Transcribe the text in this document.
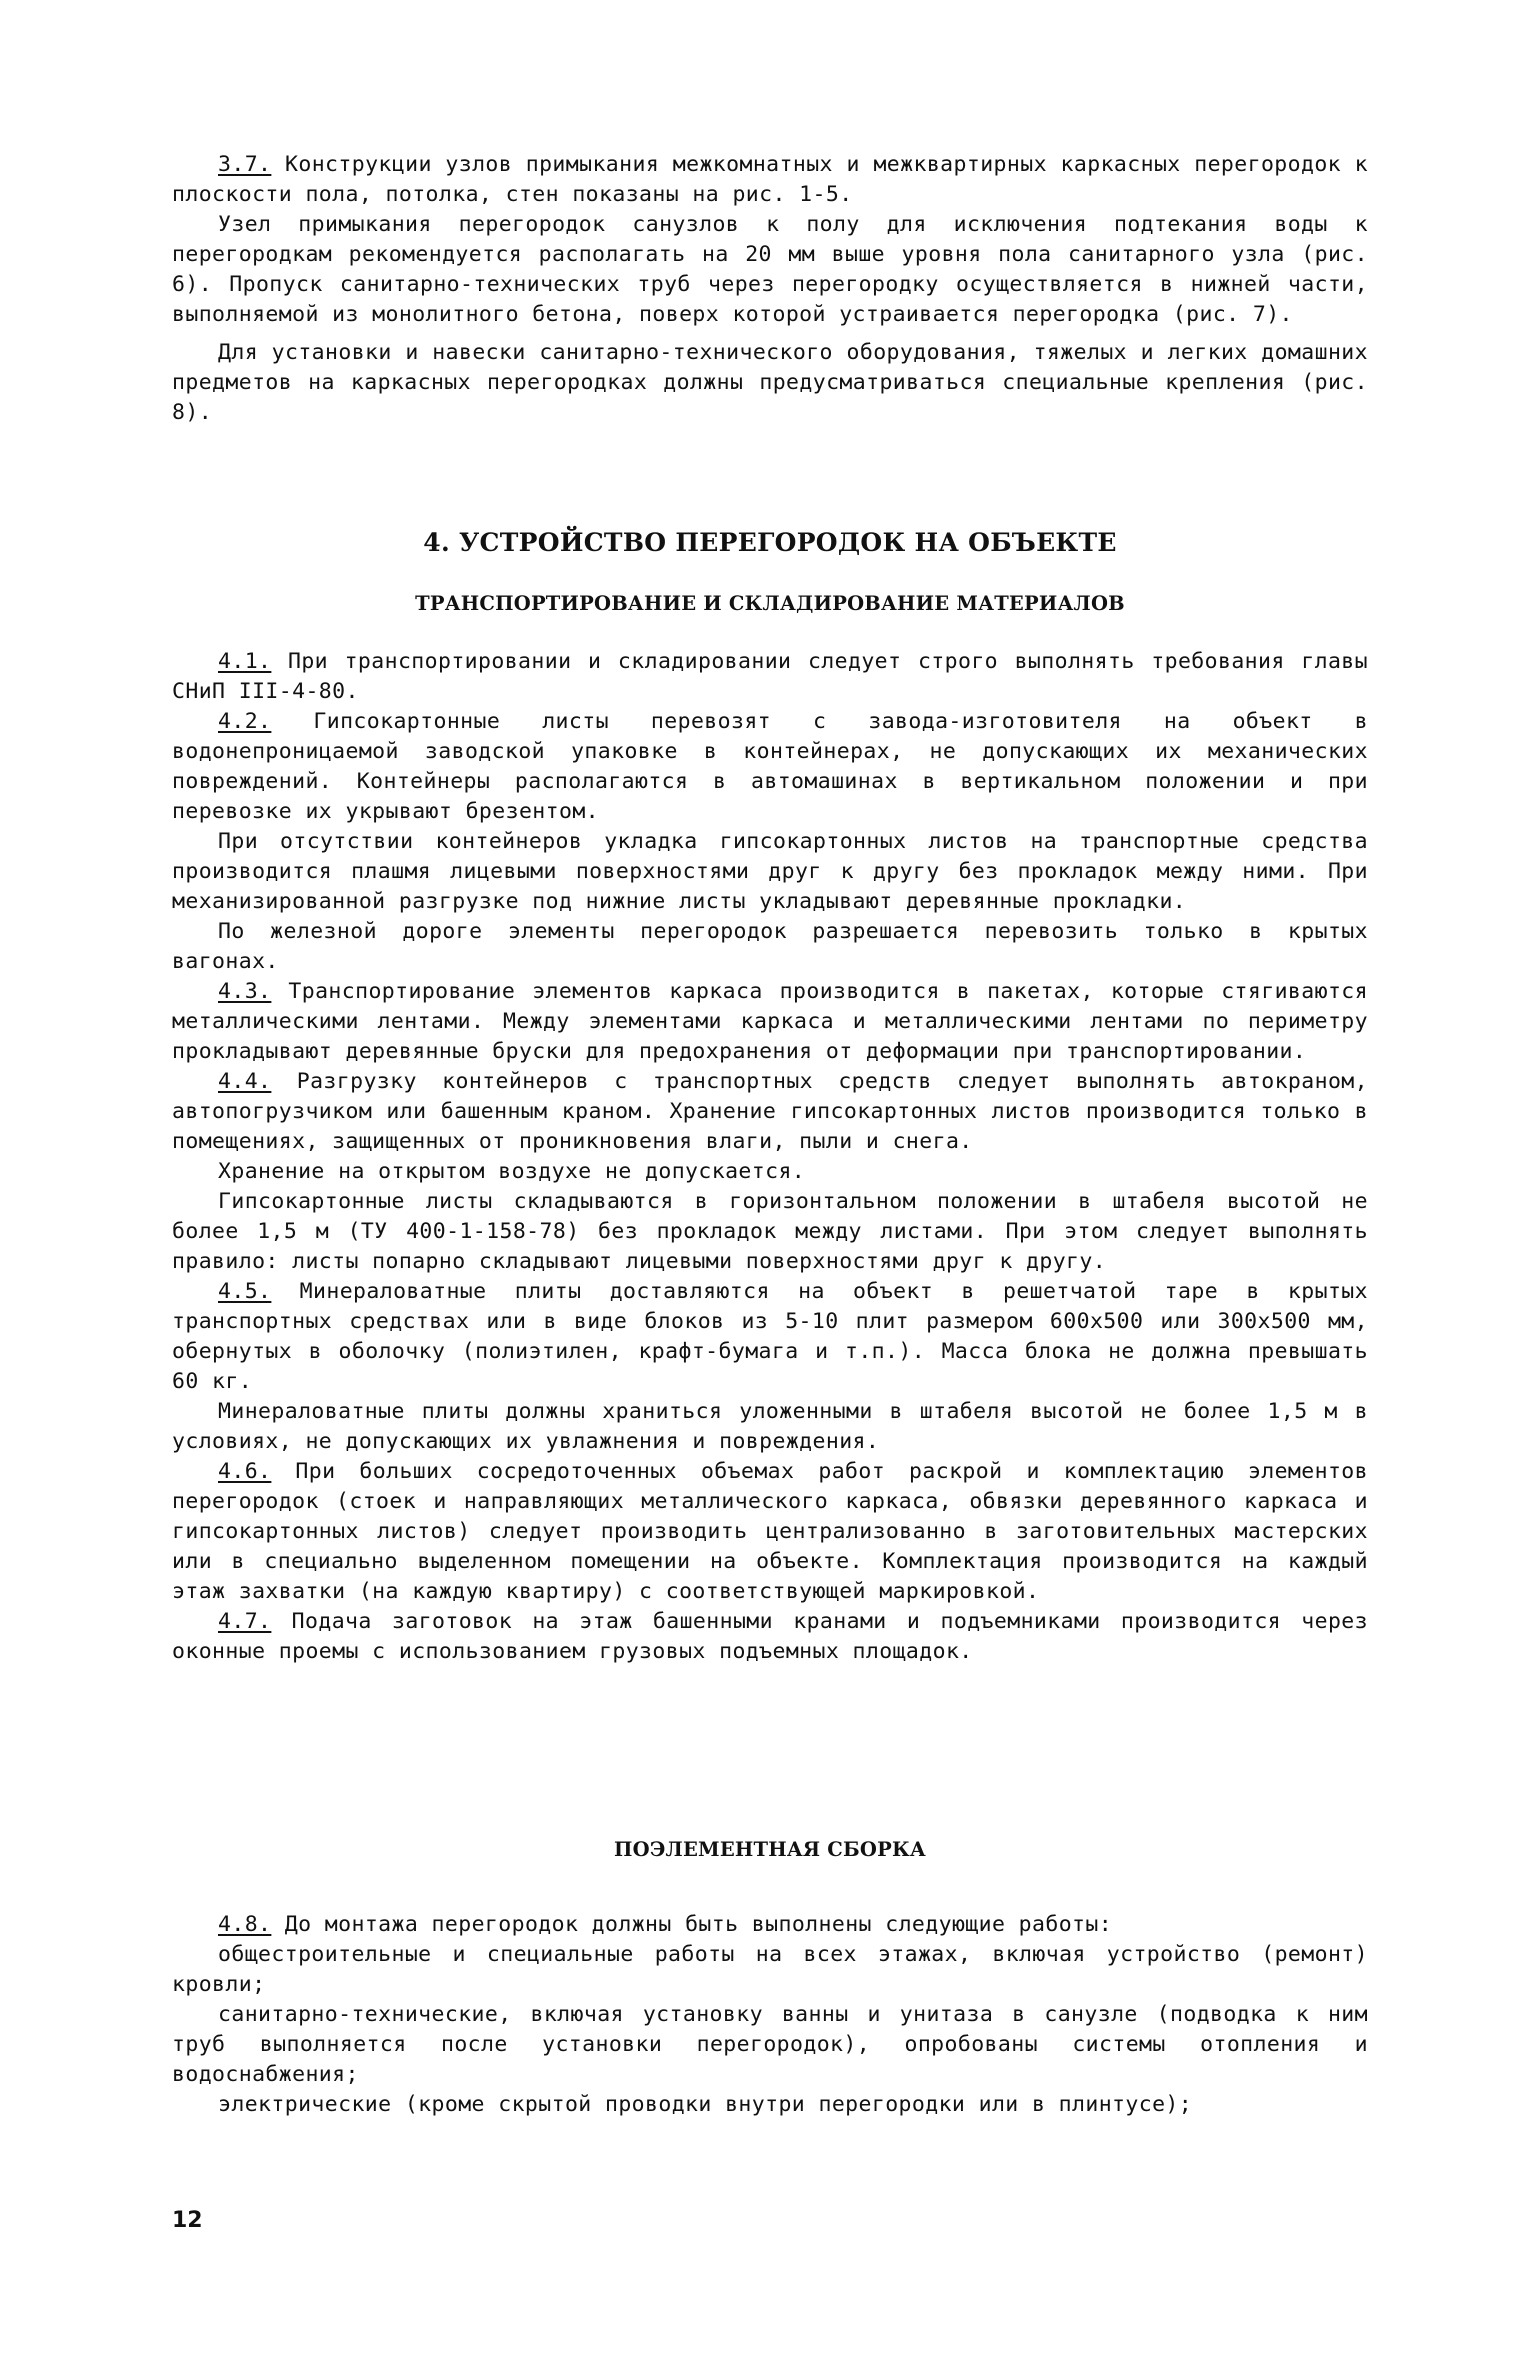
3.7. Конструкции узлов примыкания межкомнатных и межквартирных каркасных перегородок к плоскости пола, потолка, стен показаны на рис. 1-5.

Узел примыкания перегородок санузлов к полу для исключения подтекания воды к перегородкам рекомендуется располагать на 20 мм выше уровня пола санитарного узла (рис. 6). Пропуск санитарно-технических труб через перегородку осуществляется в нижней части, выполняемой из монолитного бетона, поверх которой устраивается перегородка (рис. 7).

Для установки и навески санитарно-технического оборудования, тяжелых и легких домашних предметов на каркасных перегородках должны предусматриваться специальные крепления (рис. 8).

4. УСТРОЙСТВО ПЕРЕГОРОДОК НА ОБЪЕКТЕ

ТРАНСПОРТИРОВАНИЕ И СКЛАДИРОВАНИЕ МАТЕРИАЛОВ

4.1. При транспортировании и складировании следует строго выполнять требования главы СНиП III-4-80.

4.2. Гипсокартонные листы перевозят с завода-изготовителя на объект в водонепроницаемой заводской упаковке в контейнерах, не допускающих их механических повреждений. Контейнеры располагаются в автомашинах в вертикальном положении и при перевозке их укрывают брезентом.

При отсутствии контейнеров укладка гипсокартонных листов на транспортные средства производится плашмя лицевыми поверхностями друг к другу без прокладок между ними. При механизированной разгрузке под нижние листы укладывают деревянные прокладки.

По железной дороге элементы перегородок разрешается перевозить только в крытых вагонах.

4.3. Транспортирование элементов каркаса производится в пакетах, которые стягиваются металлическими лентами. Между элементами каркаса и металлическими лентами по периметру прокладывают деревянные бруски для предохранения от деформации при транспортировании.

4.4. Разгрузку контейнеров с транспортных средств следует выполнять автокраном, автопогрузчиком или башенным краном. Хранение гипсокартонных листов производится только в помещениях, защищенных от проникновения влаги, пыли и снега.

Хранение на открытом воздухе не допускается.

Гипсокартонные листы складываются в горизонтальном положении в штабеля высотой не более 1,5 м (ТУ 400-1-158-78) без прокладок между листами. При этом следует выполнять правило: листы попарно складывают лицевыми поверхностями друг к другу.

4.5. Минераловатные плиты доставляются на объект в решетчатой таре в крытых транспортных средствах или в виде блоков из 5-10 плит размером 600x500 или 300x500 мм, обернутых в оболочку (полиэтилен, крафт-бумага и т.п.). Масса блока не должна превышать 60 кг.

Минераловатные плиты должны храниться уложенными в штабеля высотой не более 1,5 м в условиях, не допускающих их увлажнения и повреждения.

4.6. При больших сосредоточенных объемах работ раскрой и комплектацию элементов перегородок (стоек и направляющих металлического каркаса, обвязки деревянного каркаса и гипсокартонных листов) следует производить централизованно в заготовительных мастерских или в специально выделенном помещении на объекте. Комплектация производится на каждый этаж захватки (на каждую квартиру) с соответствующей маркировкой.

4.7. Подача заготовок на этаж башенными кранами и подъемниками производится через оконные проемы с использованием грузовых подъемных площадок.

ПОЭЛЕМЕНТНАЯ СБОРКА

4.8. До монтажа перегородок должны быть выполнены следующие работы:

общестроительные и специальные работы на всех этажах, включая устройство (ремонт) кровли;

санитарно-технические, включая установку ванны и унитаза в санузле (подводка к ним труб выполняется после установки перегородок), опробованы системы отопления и водоснабжения;

электрические (кроме скрытой проводки внутри перегородки или в плинтусе);

12
